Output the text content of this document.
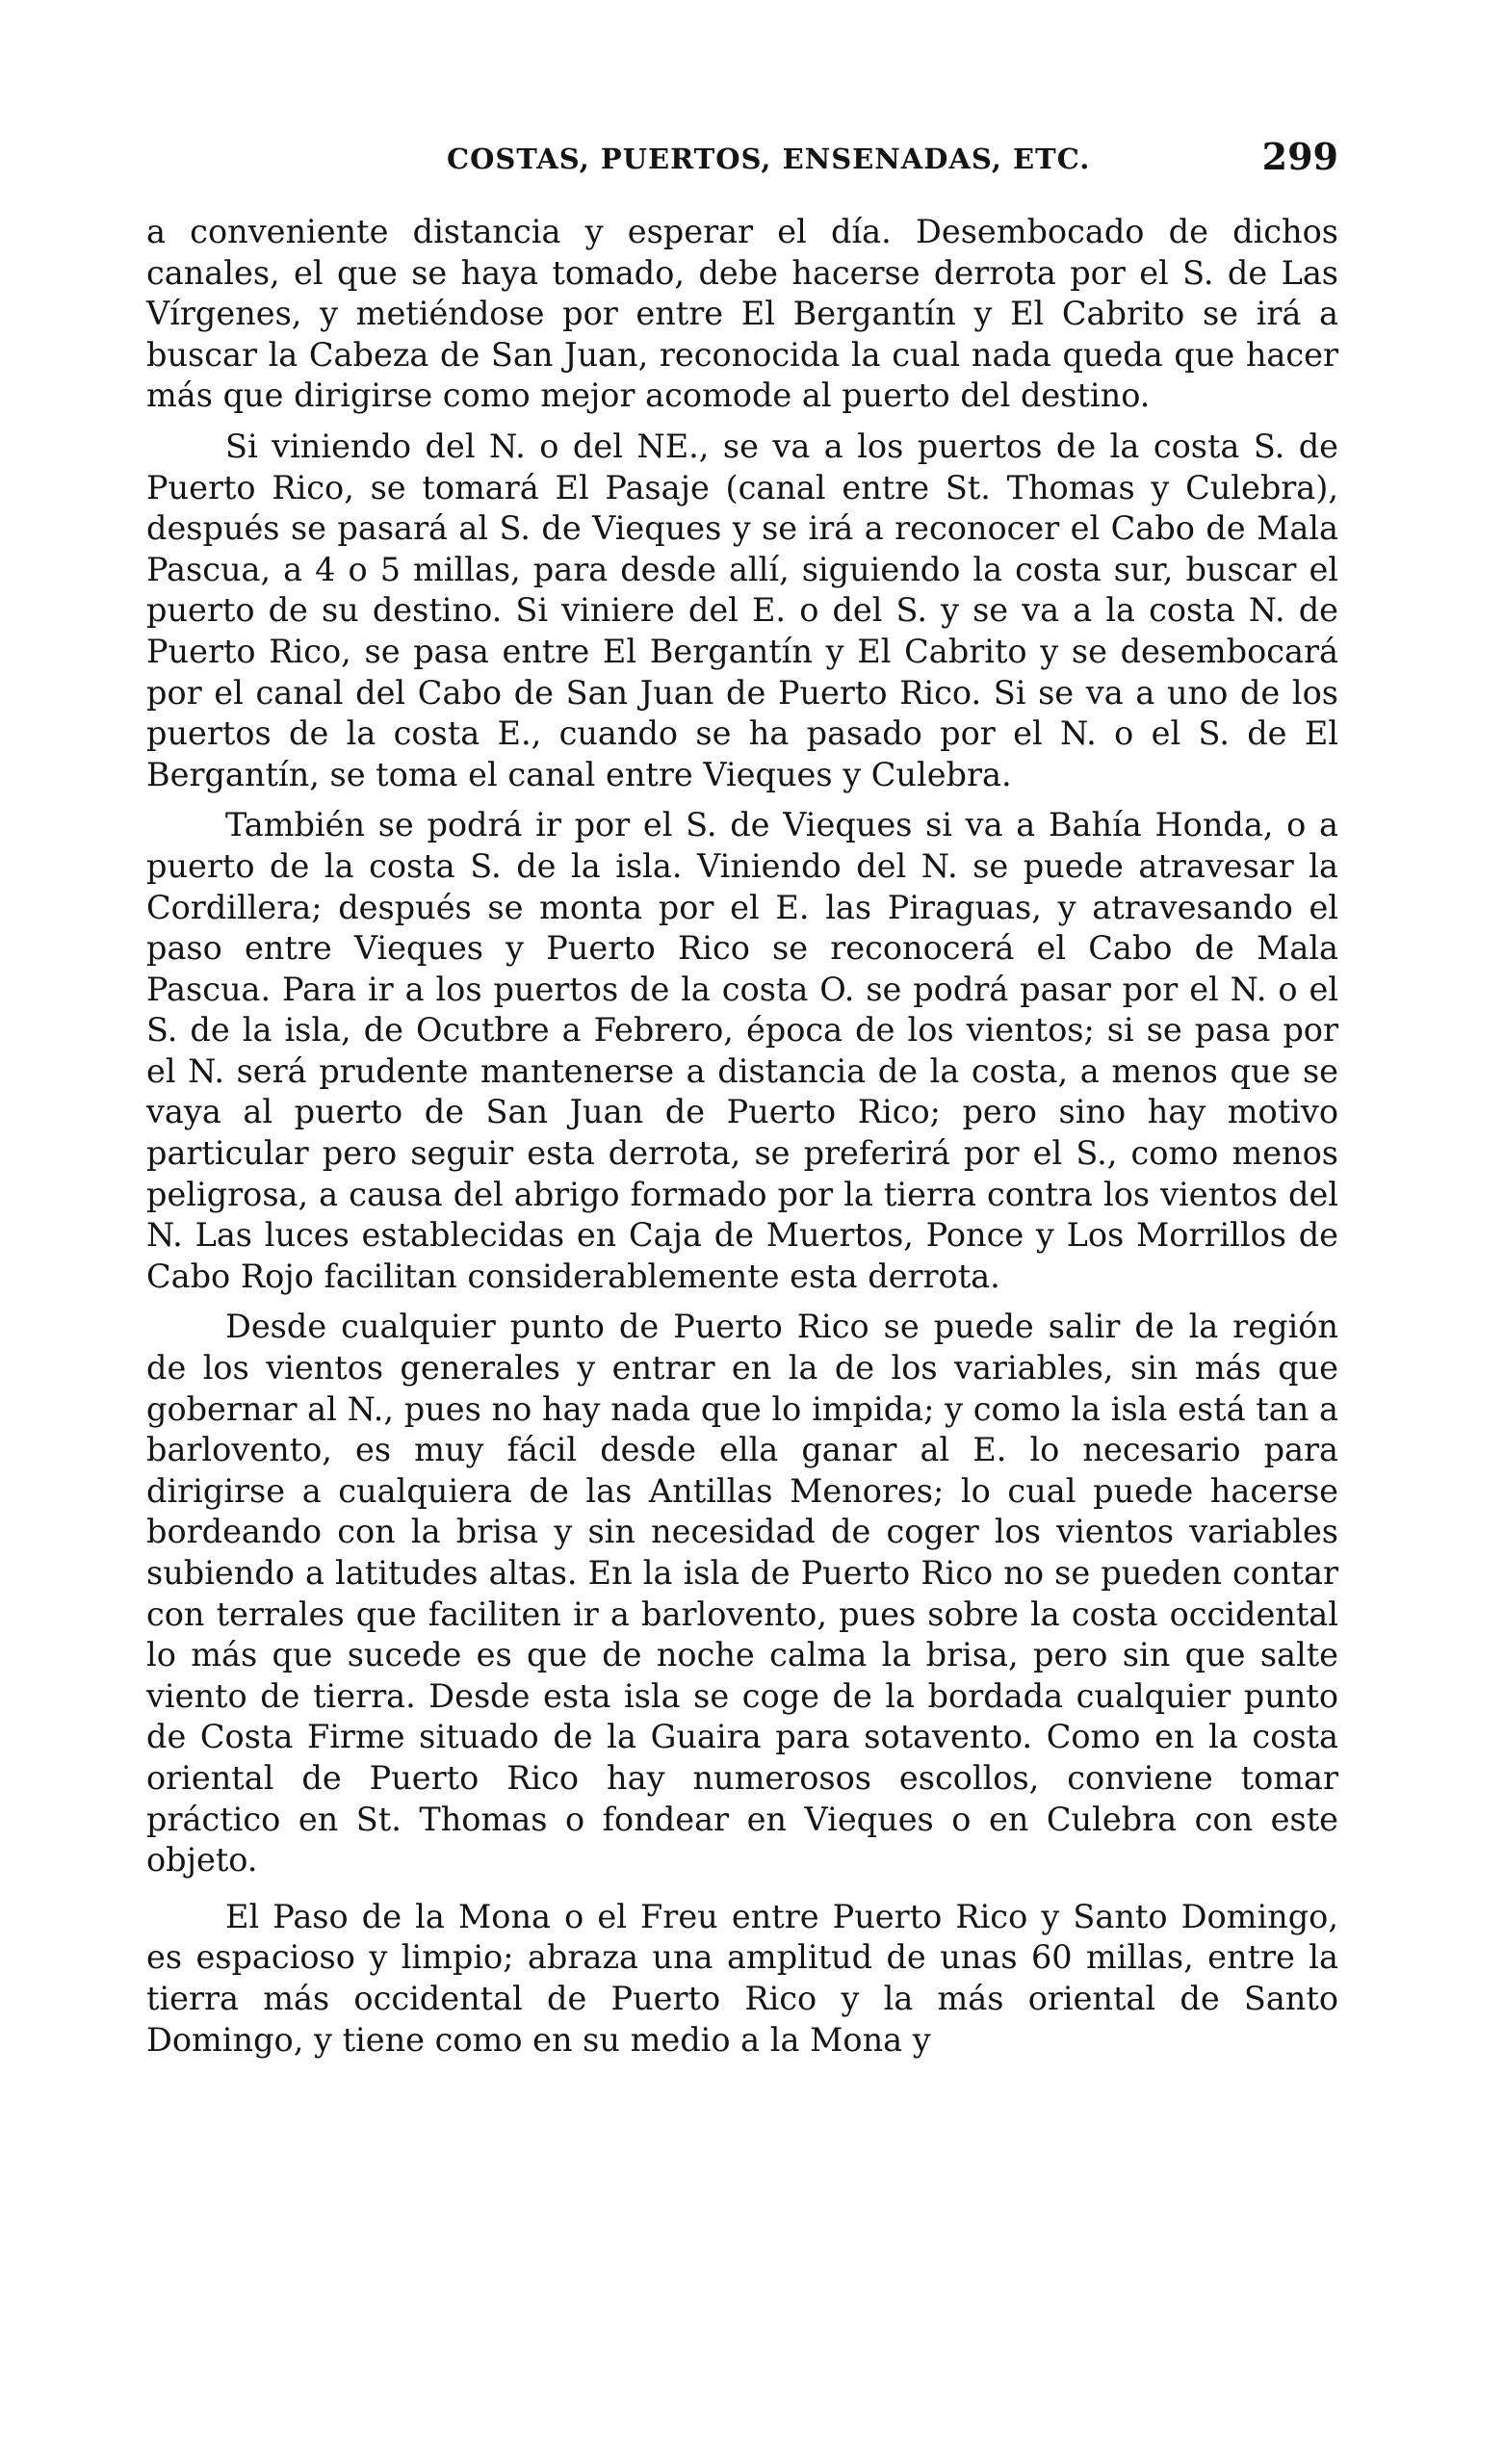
COSTAS, PUERTOS, ENSENADAS, ETC.	299

a conveniente distancia y esperar el día. Desembocado de dichos canales, el que se haya tomado, debe hacerse derrota por el S. de Las Vírgenes, y metiéndose por entre El Bergantín y El Cabrito se irá a buscar la Cabeza de San Juan, reconocida la cual nada queda que hacer más que dirigirse como mejor acomode al puerto del destino.

Si viniendo del N. o del NE., se va a los puertos de la costa S. de Puerto Rico, se tomará El Pasaje (canal entre St. Thomas y Culebra), después se pasará al S. de Vieques y se irá a reconocer el Cabo de Mala Pascua, a 4 o 5 millas, para desde allí, siguiendo la costa sur, buscar el puerto de su destino. Si viniere del E. o del S. y se va a la costa N. de Puerto Rico, se pasa entre El Bergantín y El Cabrito y se desembocará por el canal del Cabo de San Juan de Puerto Rico. Si se va a uno de los puertos de la costa E., cuando se ha pasado por el N. o el S. de El Bergantín, se toma el canal entre Vieques y Culebra.

También se podrá ir por el S. de Vieques si va a Bahía Honda, o a puerto de la costa S. de la isla. Viniendo del N. se puede atravesar la Cordillera; después se monta por el E. las Piraguas, y atravesando el paso entre Vieques y Puerto Rico se reconocerá el Cabo de Mala Pascua. Para ir a los puertos de la costa O. se podrá pasar por el N. o el S. de la isla, de Ocutbre a Febrero, época de los vientos; si se pasa por el N. será prudente mantenerse a distancia de la costa, a menos que se vaya al puerto de San Juan de Puerto Rico; pero sino hay motivo particular pero seguir esta derrota, se preferirá por el S., como menos peligrosa, a causa del abrigo formado por la tierra contra los vientos del N. Las luces establecidas en Caja de Muertos, Ponce y Los Morrillos de Cabo Rojo facilitan considerablemente esta derrota.

Desde cualquier punto de Puerto Rico se puede salir de la región de los vientos generales y entrar en la de los variables, sin más que gobernar al N., pues no hay nada que lo impida; y como la isla está tan a barlovento, es muy fácil desde ella ganar al E. lo necesario para dirigirse a cualquiera de las Antillas Menores; lo cual puede hacerse bordeando con la brisa y sin necesidad de coger los vientos variables subiendo a latitudes altas. En la isla de Puerto Rico no se pueden contar con terrales que faciliten ir a barlovento, pues sobre la costa occidental lo más que sucede es que de noche calma la brisa, pero sin que salte viento de tierra. Desde esta isla se coge de la bordada cualquier punto de Costa Firme situado de la Guaira para sotavento. Como en la costa oriental de Puerto Rico hay numerosos escollos, conviene tomar práctico en St. Thomas o fondear en Vieques o en Culebra con este objeto.

El Paso de la Mona o el Freu entre Puerto Rico y Santo Domingo, es espacioso y limpio; abraza una amplitud de unas 60 millas, entre la tierra más occidental de Puerto Rico y la más oriental de Santo Domingo, y tiene como en su medio a la Mona y
